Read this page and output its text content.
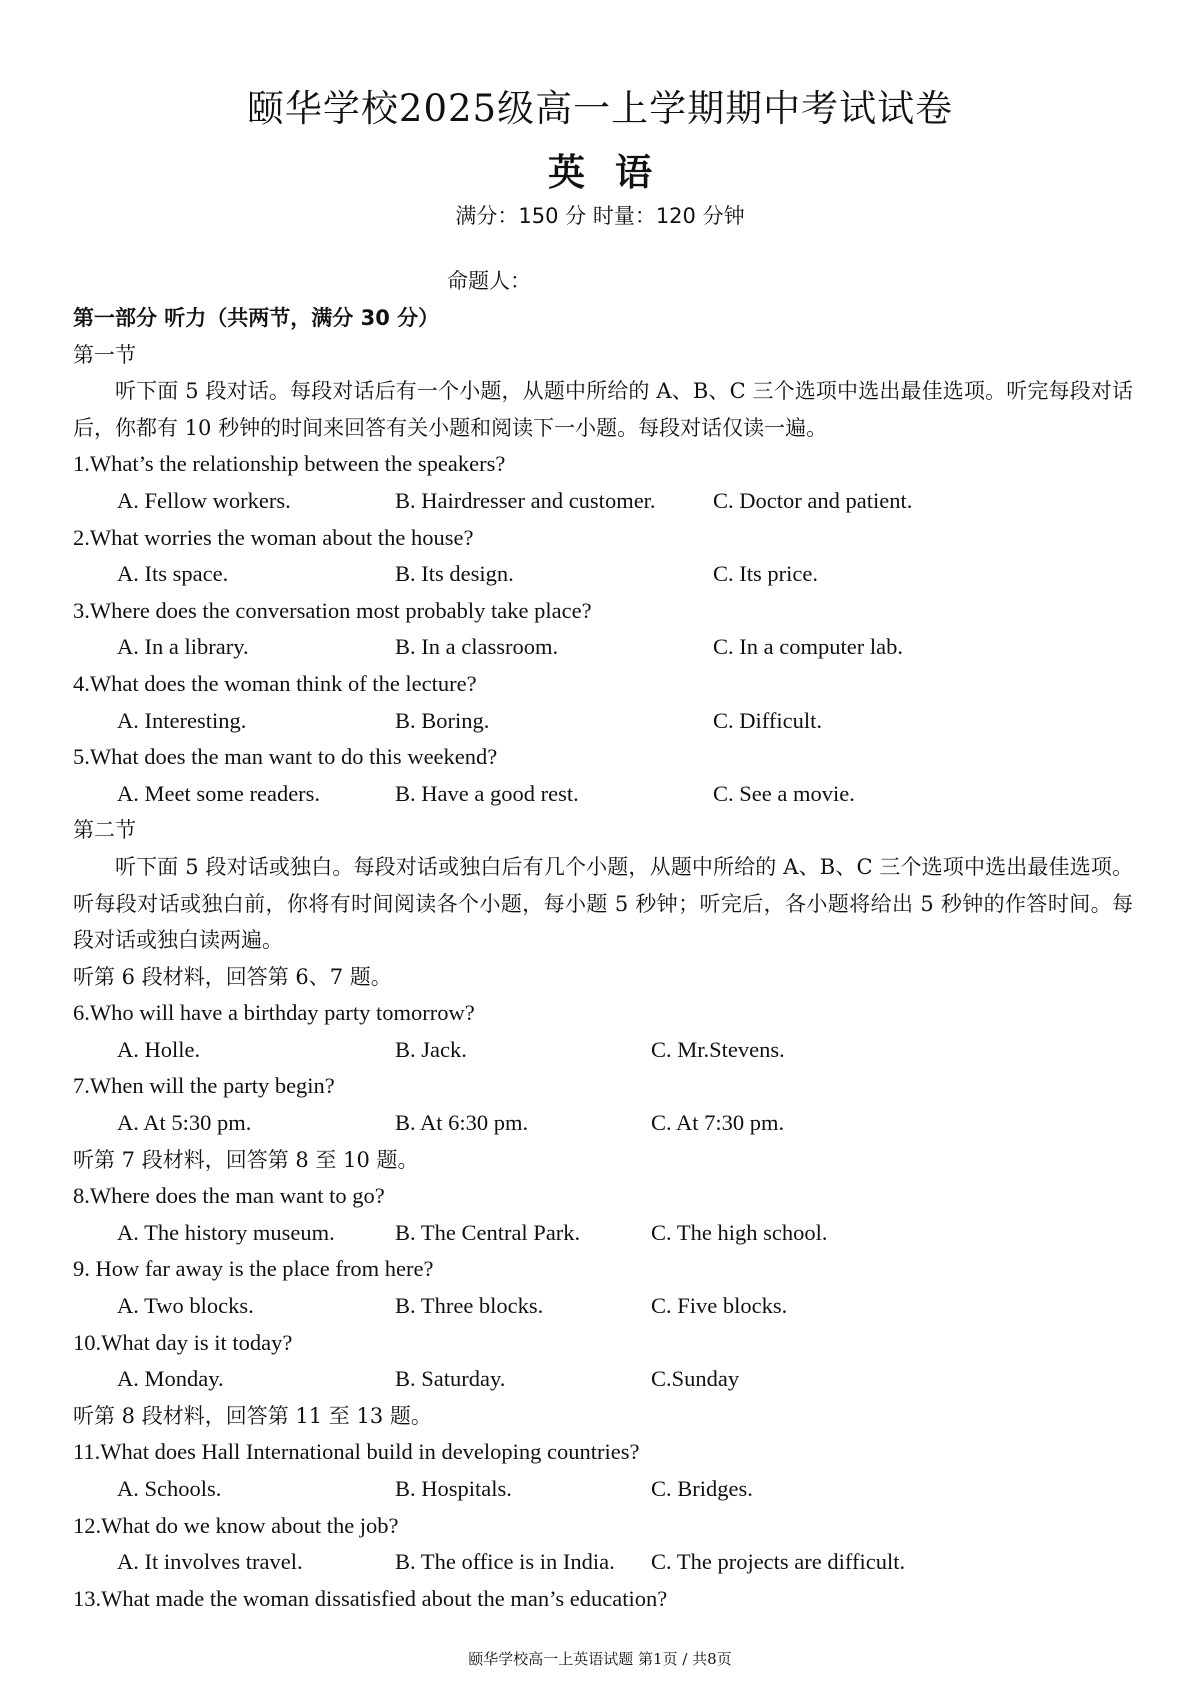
颐华学校2025级高一上学期期中考试试卷
英语
满分：150 分 时量：120 分钟
命题人：
第一部分 听力（共两节，满分 30 分）
第一节

听下面 5 段对话。每段对话后有一个小题，从题中所给的 A、B、C 三个选项中选出最佳选项。听完每段对话后，你都有 10 秒钟的时间来回答有关小题和阅读下一小题。每段对话仅读一遍。

1.What’s the relationship between the speakers?
A. Fellow workers.	B. Hairdresser and customer.	C. Doctor and patient.
2.What worries the woman about the house?
A. Its space.	B. Its design.	C. Its price.
3.Where does the conversation most probably take place?
A. In a library.	B. In a classroom.	C. In a computer lab.
4.What does the woman think of the lecture?
A. Interesting.	B. Boring.	C. Difficult.
5.What does the man want to do this weekend?
A. Meet some readers.	B. Have a good rest.	C. See a movie.
第二节

听下面 5 段对话或独白。每段对话或独白后有几个小题，从题中所给的 A、B、C 三个选项中选出最佳选项。听每段对话或独白前，你将有时间阅读各个小题，每小题 5 秒钟；听完后，各小题将给出 5 秒钟的作答时间。每段对话或独白读两遍。

听第 6 段材料，回答第 6、7 题。
6.Who will have a birthday party tomorrow?
A. Holle.	B. Jack.	C. Mr.Stevens.
7.When will the party begin?
A. At 5:30 pm.	B. At 6:30 pm.	C. At 7:30 pm.
听第 7 段材料，回答第 8 至 10 题。
8.Where does the man want to go?
A. The history museum.	B. The Central Park.	C. The high school.
9. How far away is the place from here?
A. Two blocks.	B. Three blocks.	C. Five blocks.
10.What day is it today?
A. Monday.	B. Saturday.	C.Sunday
听第 8 段材料，回答第 11 至 13 题。
11.What does Hall International build in developing countries?
A. Schools.	B. Hospitals.	C. Bridges.
12.What do we know about the job?
A. It involves travel.	B. The office is in India.	C. The projects are difficult.
13.What made the woman dissatisfied about the man’s education?
颐华学校高一上英语试题 第1页 / 共8页
